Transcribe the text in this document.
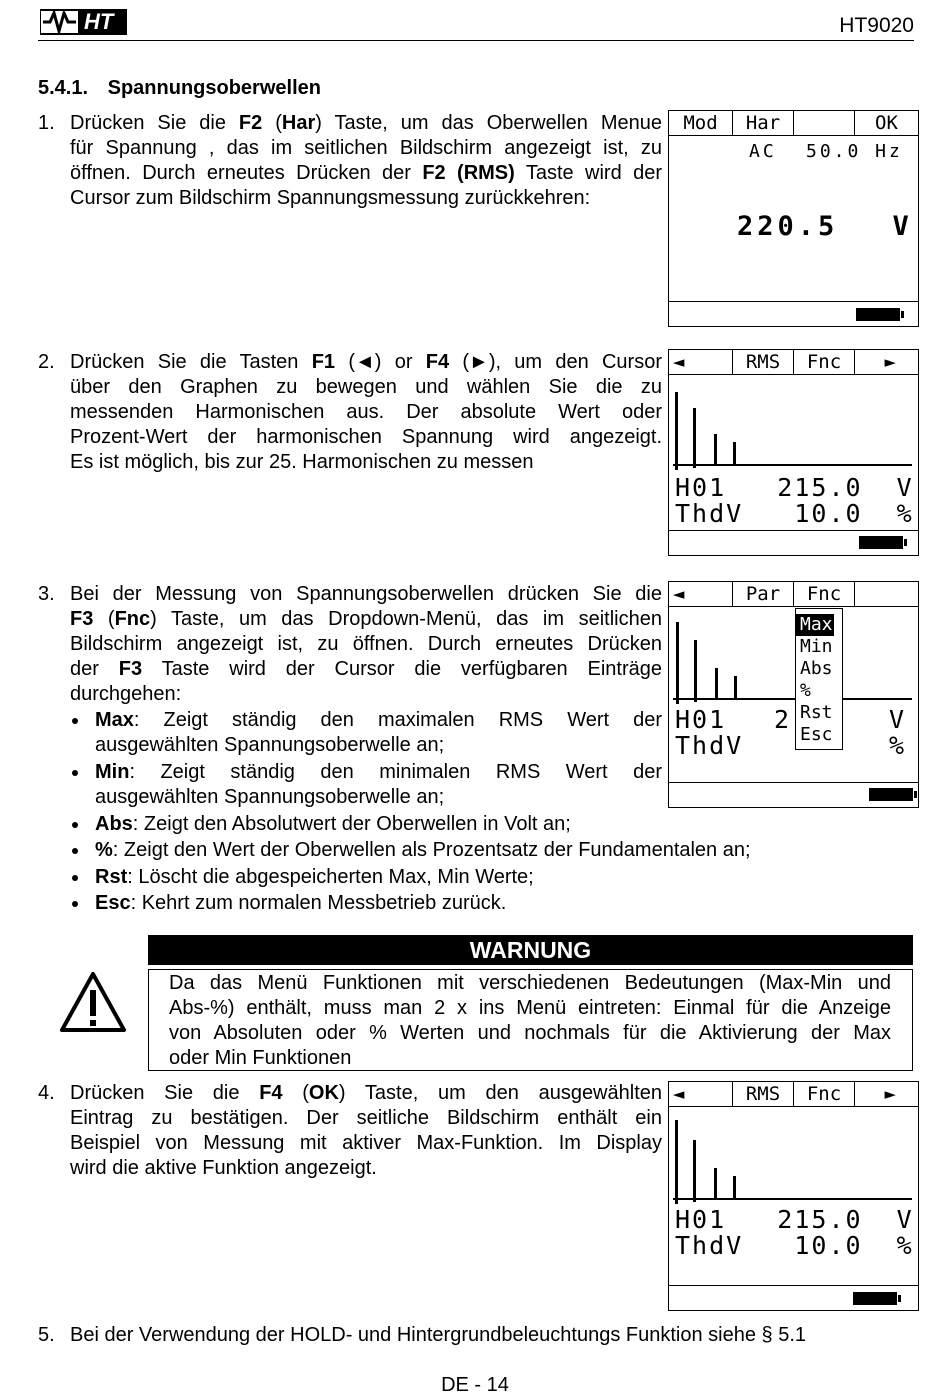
HT	HT9020
5.4.1. Spannungsoberwellen
1. Drücken Sie die F2 (Har) Taste, um das Oberwellen Menue
für Spannung , das im seitlichen Bildschirm angezeigt ist, zu
öffnen. Durch erneutes Drücken der F2 (RMS) Taste wird der
Cursor zum Bildschirm Spannungsmessung zurückkehren:
Mod	Har	OK
AC 50.0 Hz
220.5 V
2. Drücken Sie die Tasten F1 (◄) or F4 (►), um den Cursor
über den Graphen zu bewegen und wählen Sie die zu
messenden Harmonischen aus. Der absolute Wert oder
Prozent-Wert der harmonischen Spannung wird angezeigt.
Es ist möglich, bis zur 25. Harmonischen zu messen
◄	RMS	Fnc	►
H01   215.0  V
ThdV   10.0  %
3. Bei der Messung von Spannungsoberwellen drücken Sie die
F3 (Fnc) Taste, um das Dropdown-Menü, das im seitlichen
Bildschirm angezeigt ist, zu öffnen. Durch erneutes Drücken
der F3 Taste wird der Cursor die verfügbaren Einträge
durchgehen:
Max: Zeigt ständig den maximalen RMS Wert der
ausgewählten Spannungsoberwelle an;
Min: Zeigt ständig den minimalen RMS Wert der
ausgewählten Spannungsoberwelle an;
Abs: Zeigt den Absolutwert der Oberwellen in Volt an;
%: Zeigt den Wert der Oberwellen als Prozentsatz der Fundamentalen an;
Rst: Löscht die abgespeicherten Max, Min Werte;
Esc: Kehrt zum normalen Messbetrieb zurück.
◄	Par	Fnc
H01 2	V
ThdV	%
Max
Min
Abs
%
Rst
Esc
WARNUNG
Da das Menü Funktionen mit verschiedenen Bedeutungen (Max-Min und
Abs-%) enthält, muss man 2 x ins Menü eintreten: Einmal für die Anzeige
von Absoluten oder % Werten und nochmals für die Aktivierung der Max
oder Min Funktionen
4. Drücken Sie die F4 (OK) Taste, um den ausgewählten
Eintrag zu bestätigen. Der seitliche Bildschirm enthält ein
Beispiel von Messung mit aktiver Max-Funktion. Im Display
wird die aktive Funktion angezeigt.
◄	RMS	Fnc	►
H01   215.0  V
ThdV   10.0  %
5. Bei der Verwendung der HOLD- und Hintergrundbeleuchtungs Funktion siehe § 5.1
DE - 14
